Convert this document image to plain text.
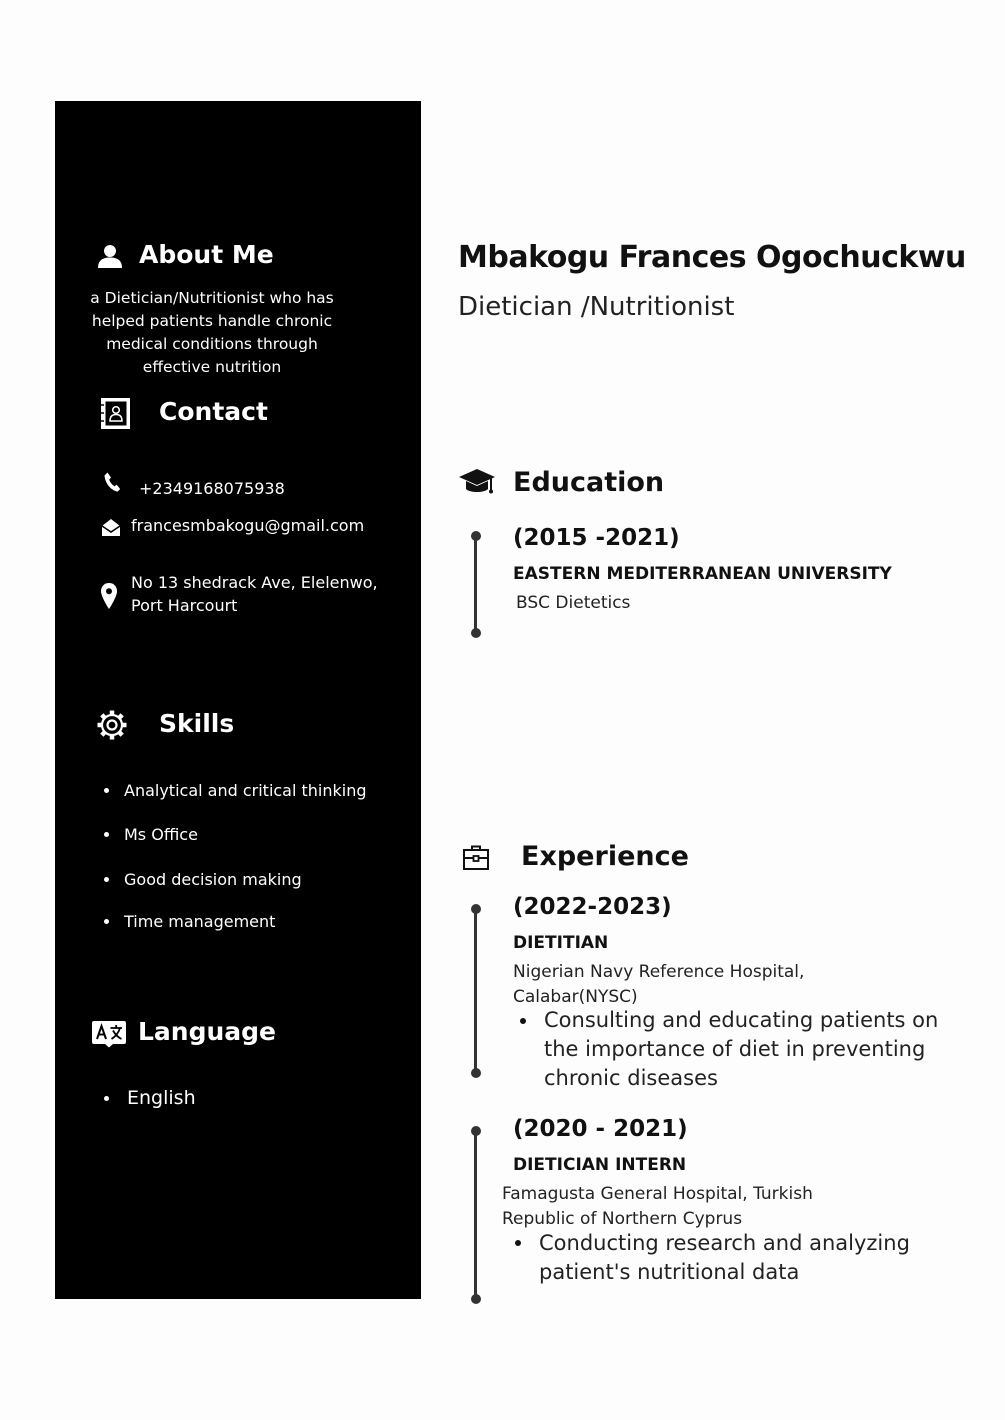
About Me
a Dietician/Nutritionist who has helped patients handle chronic medical conditions through effective nutrition
Contact
+2349168075938
francesmbakogu@gmail.com
No 13 shedrack Ave, Elelenwo, Port Harcourt
Skills
Analytical and critical thinking
Ms Office
Good decision making
Time management
Language
English
Mbakogu Frances Ogochuckwu
Dietician /Nutritionist
Education
(2015 -2021)
EASTERN MEDITERRANEAN UNIVERSITY
BSC Dietetics
Experience
(2022-2023)
DIETITIAN
Nigerian Navy Reference Hospital, Calabar(NYSC)
Consulting and educating patients on the importance of diet in preventing chronic diseases
(2020 - 2021)
DIETICIAN INTERN
Famagusta General Hospital, Turkish Republic of Northern Cyprus
Conducting research and analyzing patient's nutritional data
